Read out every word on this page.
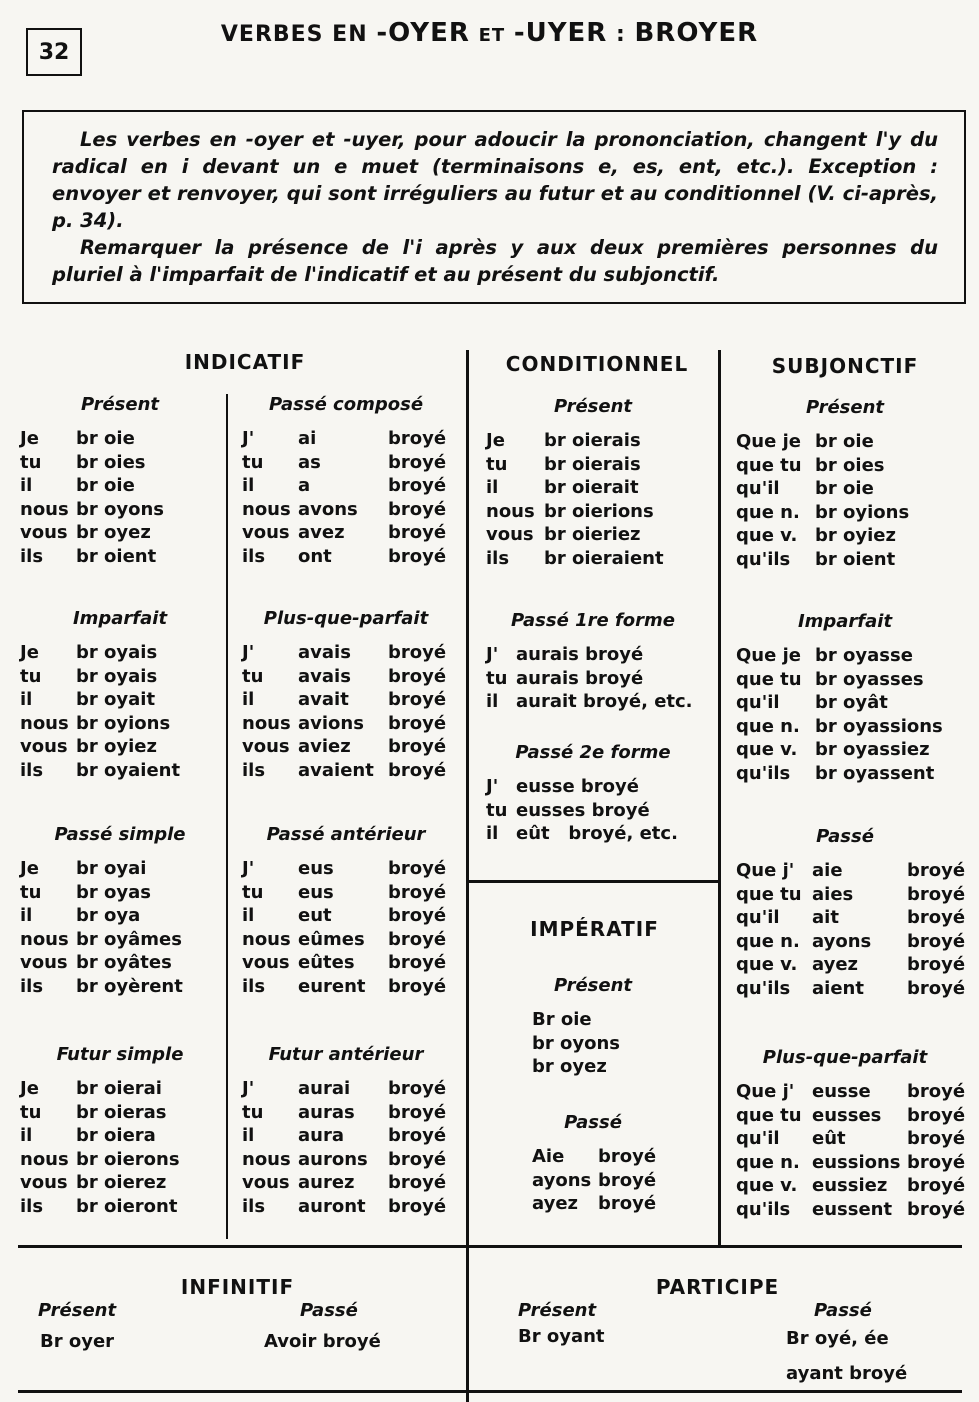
32
VERBES EN -OYER ET -UYER : BROYER

Les verbes en -oyer et -uyer, pour adoucir la prononciation, changent l'y du radical en i devant un e muet (terminaisons e, es, ent, etc.). Exception : envoyer et renvoyer, qui sont irréguliers au futur et au conditionnel (V. ci-après, p. 34).

Remarquer la présence de l'i après y aux deux premières personnes du pluriel à l'imparfait de l'indicatif et au présent du subjonctif.

INDICATIF	CONDITIONNEL	SUBJONCTIF
IMPÉRATIF
Présent
Je br oie
tu br oies
il br oie
nous br oyons
vous br oyez
ils br oient
Imparfait
Je br oyais
tu br oyais
il br oyait
nous br oyions
vous br oyiez
ils br oyaient
Passé simple
Je br oyai
tu br oyas
il br oya
nous br oyâmes
vous br oyâtes
ils br oyèrent
Futur simple
Je br oierai
tu br oieras
il br oiera
nous br oierons
vous br oierez
ils br oieront
Passé composé
J' ai	broyé
tu as	broyé
il a	broyé
nous avons broyé
vous avez broyé
ils ont	broyé
Plus-que-parfait
J' avais broyé
tu avais broyé
il avait broyé
nous avions broyé
vous aviez broyé
ils avaient broyé
Passé antérieur
J' eus	broyé
tu eus	broyé
il eut	broyé
nous eûmes broyé
vous eûtes broyé
ils eurent broyé
Futur antérieur
J' aurai broyé
tu auras broyé
il aura broyé
nous aurons broyé
vous aurez broyé
ils auront broyé
Présent
Je br oierais
tu br oierais
il	br oierait
nous br oierions
vous br oieriez
ils br oieraient
Passé 1re forme
J' aurais broyé
tu aurais broyé
il aurait broyé, etc.
Passé 2e forme
J' eusse broyé
tu eusses broyé
il eût   broyé, etc.
Présent
Br oie
br oyons
br oyez
Passé
Aie broyé
ayons broyé
ayez broyé
Présent
Que je br oie
que tu br oies
qu'il br oie
que n. br oyions
que v. br oyiez
qu'ils br oient
Imparfait
Que je br oyasse
que tu br oyasses
qu'il br oyât
que n. br oyassions
que v. br oyassiez
qu'ils br oyassent
Passé
Que j' aie	broyé
que tu aies	broyé
qu'il ait	broyé
que n. ayons broyé
que v. ayez	broyé
qu'ils aient broyé
Plus-que-parfait
Que j' eusse broyé
que tu eusses broyé
qu'il eût	broyé
que n. eussions broyé
que v. eussiez broyé
qu'ils eussent broyé
INFINITIF	PARTICIPE
Présent	Passé
Br oyer	Avoir broyé
Présent	Passé
Br oyant	Br oyé, ée
ayant broyé
